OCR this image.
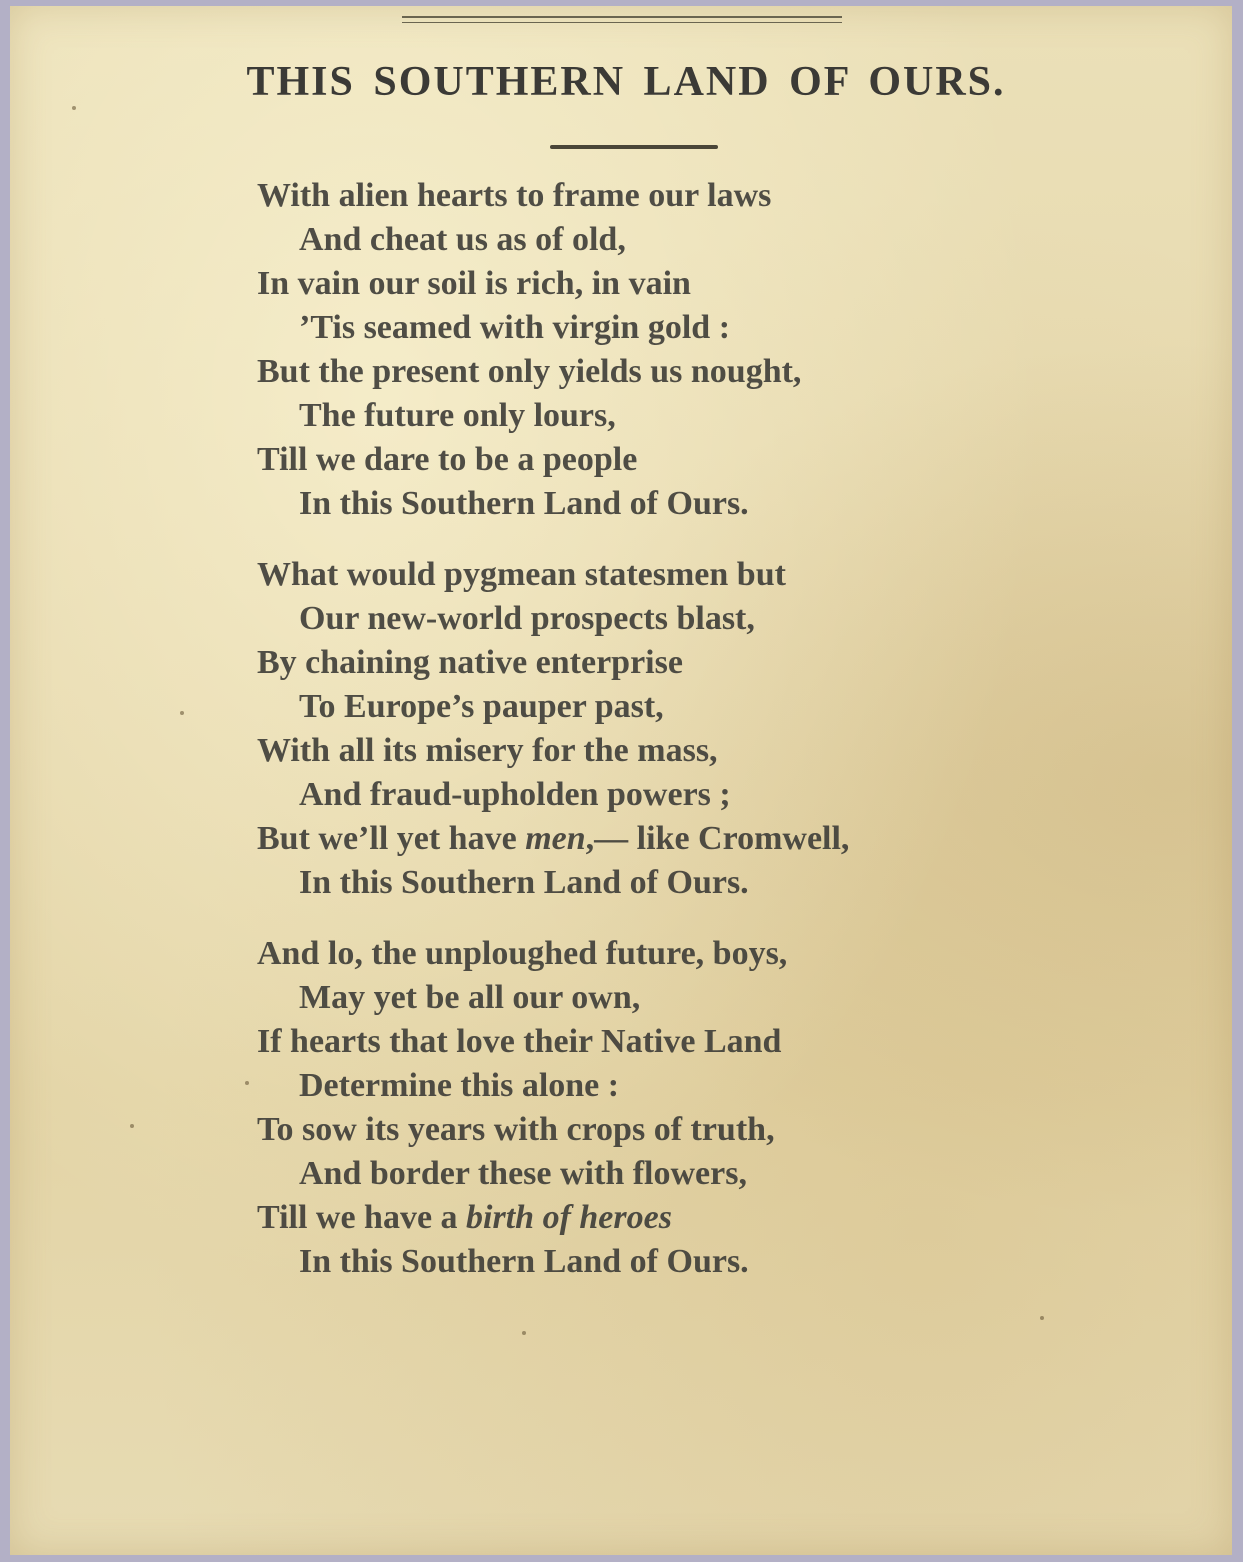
THIS SOUTHERN LAND OF OURS.
With alien hearts to frame our laws
And cheat us as of old,
In vain our soil is rich, in vain
’Tis seamed with virgin gold :
But the present only yields us nought,
The future only lours,
Till we dare to be a people
In this Southern Land of Ours.
What would pygmean statesmen but
Our new-world prospects blast,
By chaining native enterprise
To Europe’s pauper past,
With all its misery for the mass,
And fraud-upholden powers ;
But we’ll yet have men,— like Cromwell,
In this Southern Land of Ours.
And lo, the unploughed future, boys,
May yet be all our own,
If hearts that love their Native Land
Determine this alone :
To sow its years with crops of truth,
And border these with flowers,
Till we have a birth of heroes
In this Southern Land of Ours.
